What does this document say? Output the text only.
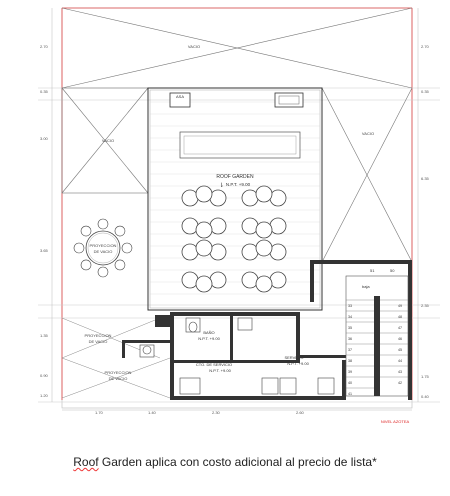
ASA
ROOF GARDEN
N.P.T. +9.00
⇂
PROYECCION
DE VACIO
PROYECCION
DE VACIO
PROYECCION
DE VACIO
BAÑO
N.P.T. +9.00
CTO. DE SERVICIO
N.P.T. +9.00
SERVICIO
N.P.T. +9.00
51	50
49
48
47
46
45
44
43
42
33
34
35
36
37
38
39
40
41
baja
2.70
0.35
3.00
3.65
1.35
0.90
1.20
2.70
0.35
6.35
2.35
1.75
0.40
1.70	1.40	2.30	2.60
NIVEL AZOTEA
VACIO
VACIO
VACIO
Roof Garden aplica con costo adicional al precio de lista*
